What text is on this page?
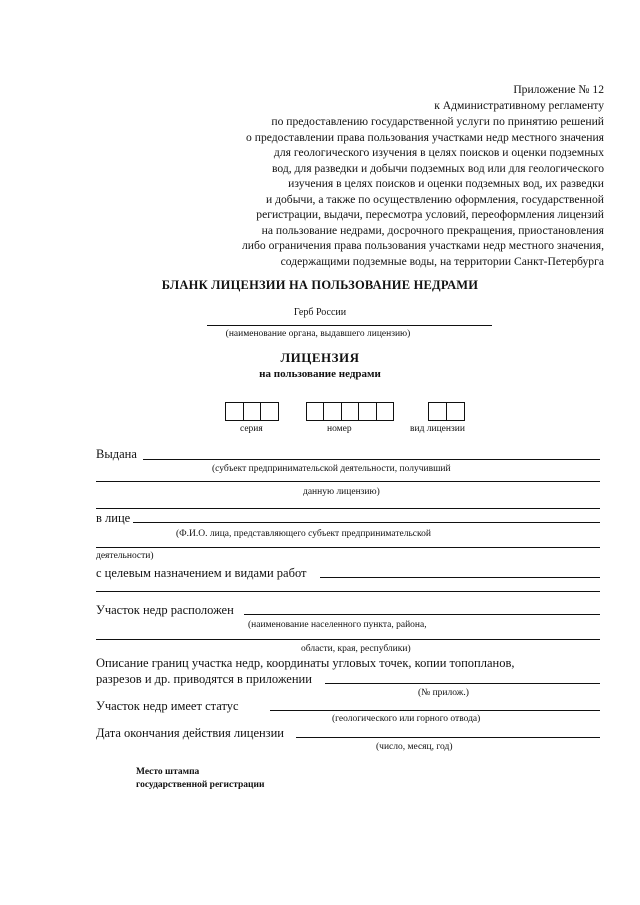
Приложение № 12
к Административному регламенту
по предоставлению государственной услуги по принятию решений
о предоставлении права пользования участками недр местного значения
для геологического изучения в целях поисков и оценки подземных
вод, для разведки и добычи подземных вод или для геологического
изучения в целях поисков и оценки подземных вод, их разведки
и добычи, а также по осуществлению оформления, государственной
регистрации, выдачи, пересмотра условий, переоформления лицензий
на пользование недрами, досрочного прекращения, приостановления
либо ограничения права пользования участками недр местного значения,
содержащими подземные воды, на территории Санкт-Петербурга
БЛАНК ЛИЦЕНЗИИ НА ПОЛЬЗОВАНИЕ НЕДРАМИ
Герб России
(наименование органа, выдавшего лицензию)
ЛИЦЕНЗИЯ
на пользование недрами
серия	номер	вид лицензии
Выдана
(субъект предпринимательской деятельности, получивший
данную лицензию)
в лице
(Ф.И.О. лица, представляющего субъект предпринимательской
деятельности)
с целевым назначением и видами работ
Участок недр расположен
(наименование населенного пункта, района,
области, края, республики)
Описание границ участка недр, координаты угловых точек, копии топопланов,
разрезов и др. приводятся в приложении
(№ прилож.)
Участок недр имеет статус
(геологического или горного отвода)
Дата окончания действия лицензии
(число, месяц, год)
Место штампа
государственной регистрации
